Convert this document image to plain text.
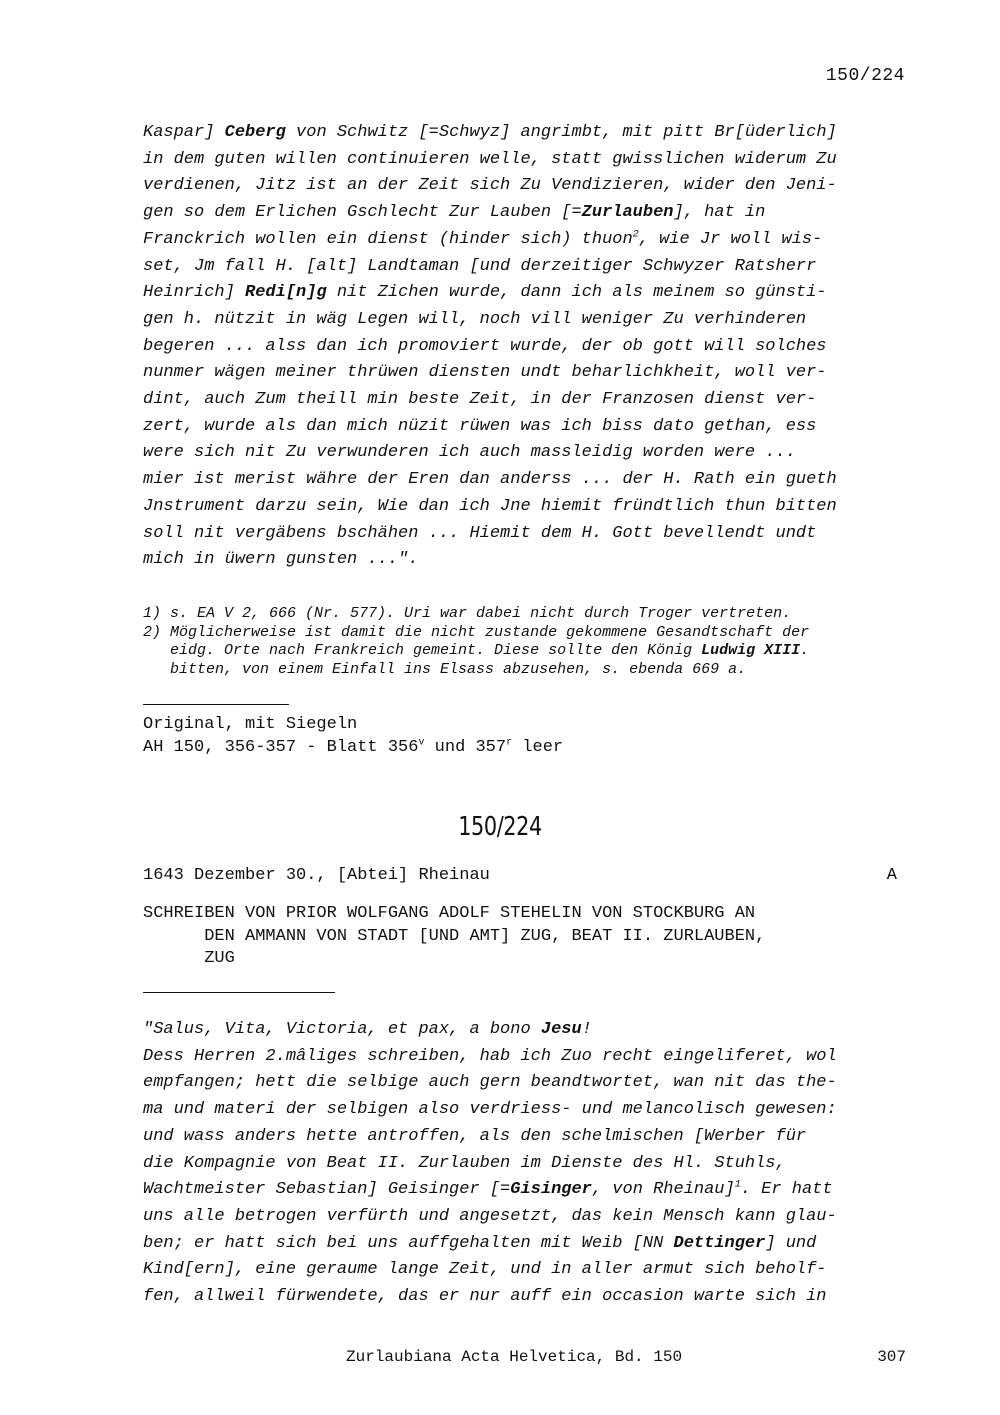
150/224
Kaspar] Ceberg von Schwitz [=Schwyz] angrimbt, mit pitt Br[üderlich]
in dem guten willen continuieren welle, statt gwisslichen widerum Zu
verdienen, Jitz ist an der Zeit sich Zu Vendizieren, wider den Jeni-
gen so dem Erlichen Gschlecht Zur Lauben [=Zurlauben], hat in
Franckrich wollen ein dienst (hinder sich) thuon$^2$, wie Jr woll wis-
set, Jm fall H. [alt] Landtaman [und derzeitiger Schwyzer Ratsherr
Heinrich] Redi[n]g nit Zichen wurde, dann ich als meinem so günsti-
gen h. nützit in wäg Legen will, noch vill weniger Zu verhinderen
begeren ... alss dan ich promoviert wurde, der ob gott will solches
nunmer wägen meiner thrüwen diensten undt beharlichkheit, woll ver-
dint, auch Zum theill min beste Zeit, in der Franzosen dienst ver-
zert, wurde als dan mich nüzit rüwen was ich biss dato gethan, ess
were sich nit Zu verwunderen ich auch massleidig worden were ...
mier ist merist währe der Eren dan anderss ... der H. Rath ein gueth
Jnstrument darzu sein, Wie dan ich Jne hiemit fründtlich thun bitten
soll nit vergäbens bschähen ... Hiemit dem H. Gott bevellendt undt
mich in üwern gunsten ...".
1) s. EA V 2, 666 (Nr. 577). Uri war dabei nicht durch Troger vertreten.
2) Möglicherweise ist damit die nicht zustande gekommene Gesandtschaft der
eidg. Orte nach Frankreich gemeint. Diese sollte den König Ludwig XIII.
bitten, von einem Einfall ins Elsass abzusehen, s. ebenda 669 a.
Original, mit Siegeln
AH 150, 356-357 - Blatt 356$^v$ und 357$^r$ leer
150/224
1643 Dezember 30., [Abtei] Rheinau	A
SCHREIBEN VON PRIOR WOLFGANG ADOLF STEHELIN VON STOCKBURG AN
DEN AMMANN VON STADT [UND AMT] ZUG, BEAT II. ZURLAUBEN,
ZUG
"Salus, Vita, Victoria, et pax, a bono Jesu!
Dess Herren 2.mâliges schreiben, hab ich Zuo recht eingeliferet, wol
empfangen; hett die selbige auch gern beandtwortet, wan nit das the-
ma und materi der selbigen also verdriess- und melancolisch gewesen:
und wass anders hette antroffen, als den schelmischen [Werber für
die Kompagnie von Beat II. Zurlauben im Dienste des Hl. Stuhls,
Wachtmeister Sebastian] Geisinger [=Gisinger, von Rheinau]$^1$. Er hatt
uns alle betrogen verfürth und angesetzt, das kein Mensch kann glau-
ben; er hatt sich bei uns auffgehalten mit Weib [NN Dettinger] und
Kind[ern], eine geraume lange Zeit, und in aller armut sich beholf-
fen, allweil fürwendete, das er nur auff ein occasion warte sich in
Zurlaubiana Acta Helvetica, Bd. 150	307
